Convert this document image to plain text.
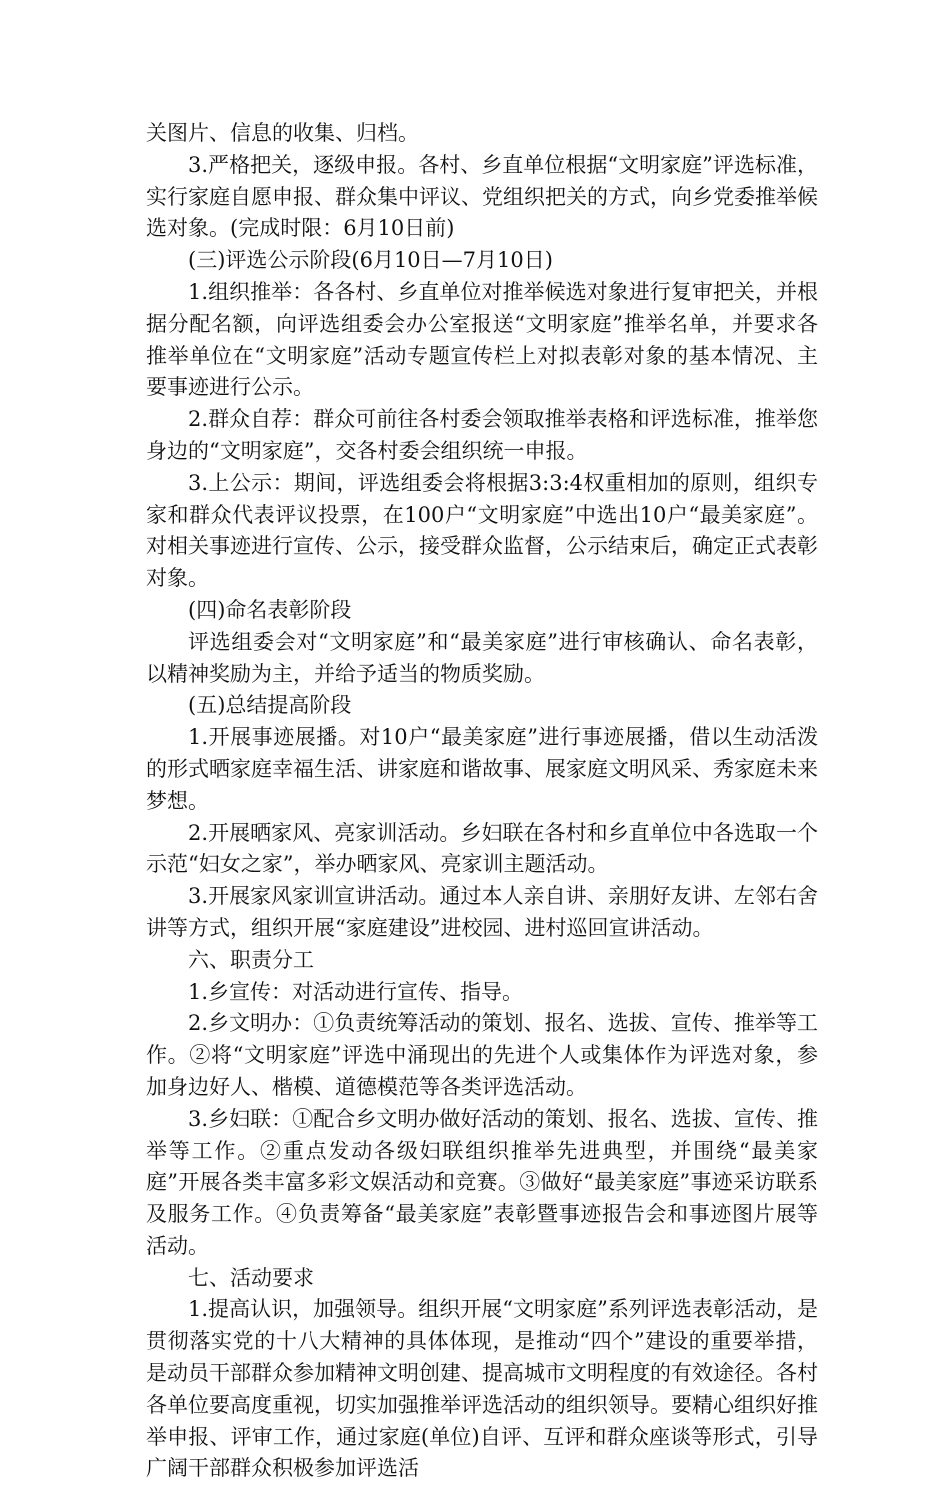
关图片、信息的收集、归档。

3.严格把关，逐级申报。各村、乡直单位根据“文明家庭”评选标准，实行家庭自愿申报、群众集中评议、党组织把关的方式，向乡党委推举候选对象。(完成时限：6月10日前)

(三)评选公示阶段(6月10日—7月10日)

1.组织推举：各各村、乡直单位对推举候选对象进行复审把关，并根据分配名额，向评选组委会办公室报送“文明家庭”推举名单，并要求各推举单位在“文明家庭”活动专题宣传栏上对拟表彰对象的基本情况、主要事迹进行公示。

2.群众自荐：群众可前往各村委会领取推举表格和评选标准，推举您身边的“文明家庭”，交各村委会组织统一申报。

3.上公示：期间，评选组委会将根据3:3:4权重相加的原则，组织专家和群众代表评议投票，在100户“文明家庭”中选出10户“最美家庭”。对相关事迹进行宣传、公示，接受群众监督，公示结束后，确定正式表彰对象。

(四)命名表彰阶段

评选组委会对“文明家庭”和“最美家庭”进行审核确认、命名表彰，以精神奖励为主，并给予适当的物质奖励。

(五)总结提高阶段

1.开展事迹展播。对10户“最美家庭”进行事迹展播，借以生动活泼的形式晒家庭幸福生活、讲家庭和谐故事、展家庭文明风采、秀家庭未来梦想。

2.开展晒家风、亮家训活动。乡妇联在各村和乡直单位中各选取一个示范“妇女之家”，举办晒家风、亮家训主题活动。

3.开展家风家训宣讲活动。通过本人亲自讲、亲朋好友讲、左邻右舍讲等方式，组织开展“家庭建设”进校园、进村巡回宣讲活动。

六、职责分工

1.乡宣传：对活动进行宣传、指导。

2.乡文明办：①负责统筹活动的策划、报名、选拔、宣传、推举等工作。②将“文明家庭”评选中涌现出的先进个人或集体作为评选对象，参加身边好人、楷模、道德模范等各类评选活动。

3.乡妇联：①配合乡文明办做好活动的策划、报名、选拔、宣传、推举等工作。②重点发动各级妇联组织推举先进典型，并围绕“最美家庭”开展各类丰富多彩文娱活动和竞赛。③做好“最美家庭”事迹采访联系及服务工作。④负责筹备“最美家庭”表彰暨事迹报告会和事迹图片展等活动。

七、活动要求

1.提高认识，加强领导。组织开展“文明家庭”系列评选表彰活动，是贯彻落实党的十八大精神的具体体现，是推动“四个”建设的重要举措，是动员干部群众参加精神文明创建、提高城市文明程度的有效途径。各村各单位要高度重视，切实加强推举评选活动的组织领导。要精心组织好推举申报、评审工作，通过家庭(单位)自评、互评和群众座谈等形式，引导广阔干部群众积极参加评选活
